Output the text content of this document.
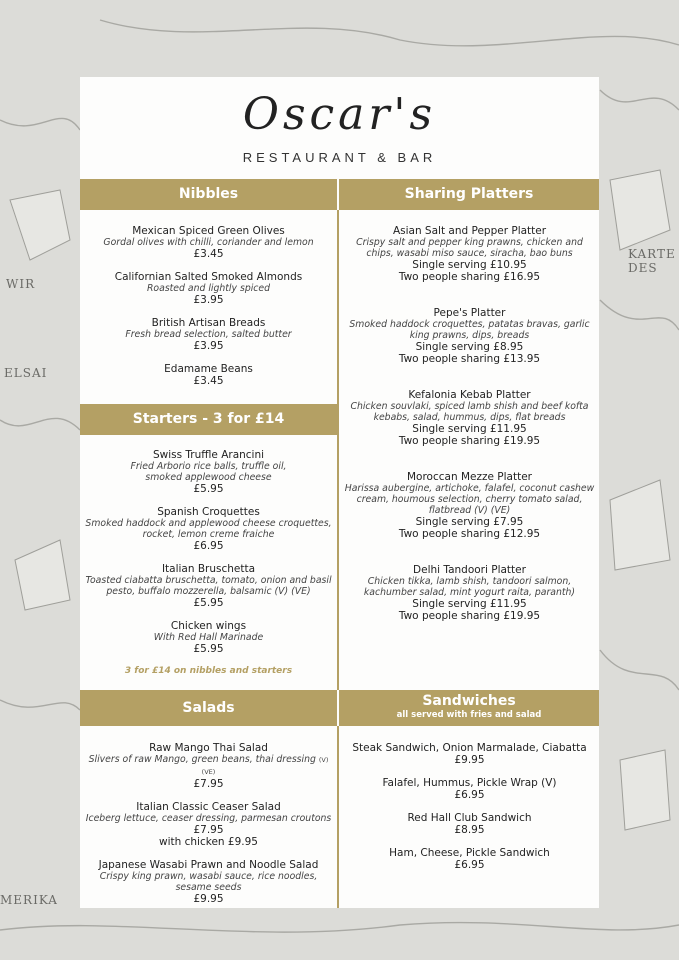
KARTE DES
WIR
ELSAI
MERIKA
Oscar's
RESTAURANT & BAR
Nibbles	Sharing Platters
Starters - 3 for £14
Salads	Sandwiches
all served with fries and salad
Mexican Spiced Green Olives
Gordal olives with chilli, coriander and lemon
£3.45
Californian Salted Smoked Almonds
Roasted and lightly spiced
£3.95
British Artisan Breads
Fresh bread selection, salted butter
£3.95
Edamame Beans
£3.45
Swiss Truffle Arancini
Fried Arborio rice balls, truffle oil, smoked applewood cheese
£5.95
Spanish Croquettes
Smoked haddock and applewood cheese croquettes, rocket, lemon creme fraiche
£6.95
Italian Bruschetta
Toasted ciabatta bruschetta, tomato, onion and basil pesto, buffalo mozzerella, balsamic (V) (VE)
£5.95
Chicken wings
With Red Hall Marinade
£5.95
3 for £14 on nibbles and starters
Asian Salt and Pepper Platter
Crispy salt and pepper king prawns, chicken and chips, wasabi miso sauce, siracha, bao buns
Single serving £10.95
Two people sharing £16.95
Pepe's Platter
Smoked haddock croquettes, patatas bravas, garlic king prawns, dips, breads
Single serving £8.95
Two people sharing £13.95
Kefalonia Kebab Platter
Chicken souvlaki, spiced lamb shish and beef kofta kebabs, salad, hummus, dips, flat breads
Single serving £11.95
Two people sharing £19.95
Moroccan Mezze Platter
Harissa aubergine, artichoke, falafel, coconut cashew cream, houmous selection, cherry tomato salad, flatbread (V) (VE)
Single serving £7.95
Two people sharing £12.95
Delhi Tandoori Platter
Chicken tikka, lamb shish, tandoori salmon, kachumber salad, mint yogurt raita, paranth)
Single serving £11.95
Two people sharing £19.95
Raw Mango Thai Salad
Slivers of raw Mango, green beans, thai dressing (V) (VE)
£7.95
Italian Classic Ceaser Salad
Iceberg lettuce, ceaser dressing, parmesan croutons
£7.95
with chicken £9.95
Japanese Wasabi Prawn and Noodle Salad
Crispy king prawn, wasabi sauce, rice noodles, sesame seeds
£9.95
Steak Sandwich, Onion Marmalade, Ciabatta
£9.95
Falafel, Hummus, Pickle Wrap (V)
£6.95
Red Hall Club Sandwich
£8.95
Ham, Cheese, Pickle Sandwich
£6.95
